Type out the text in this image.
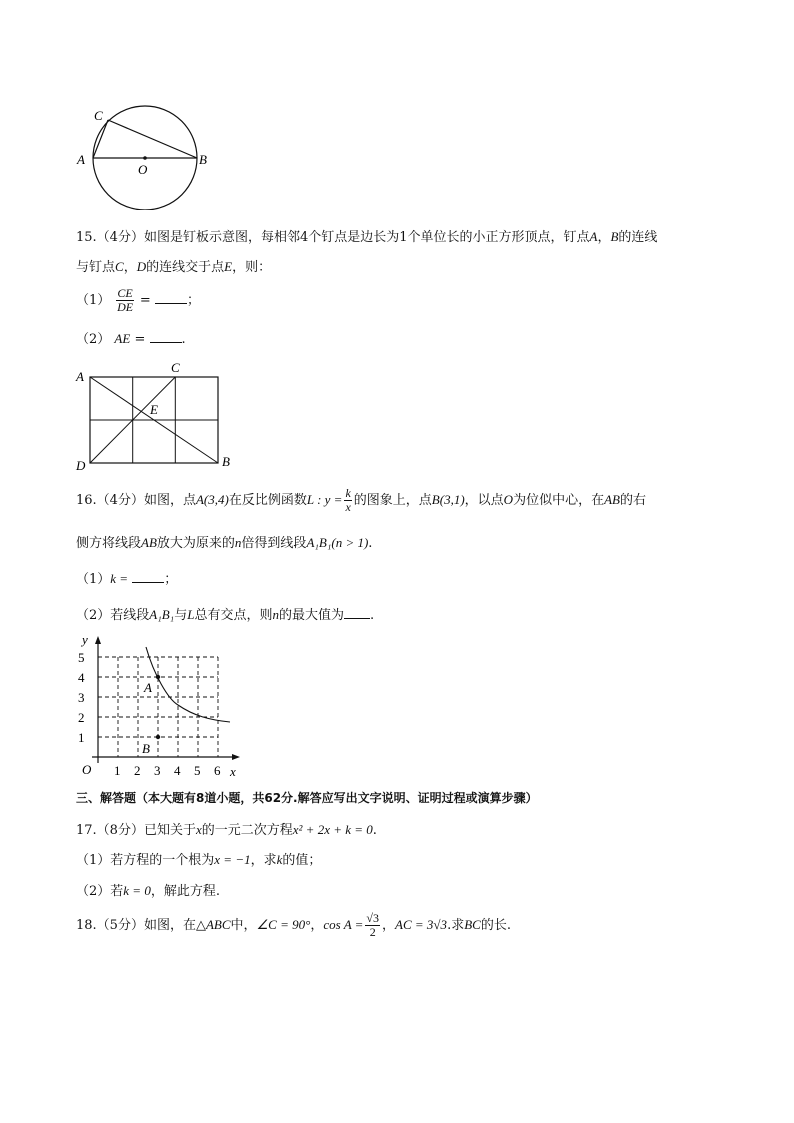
C
A	B
O
15.（4分）如图是钉板示意图，每相邻4个钉点是边长为1个单位长的小正方形顶点，钉点A，B的连线
与钉点C，D的连线交于点E，则：
$(1) \frac{CE}{DE}$ =	；
（2） AE =	.
A
C
E
D	B
16.（4分）如图，点A(3,4)在反比例函数L : $y = \frac{k}{x}$ 的图象上，点B(3,1)，以点O为位似中心，在AB的右
侧方将线段AB放大为原来的n倍得到线段A₁B₁(n > 1).
（1）k =	；
（2）若线段A₁B₁与L总有交点，则n的最大值为 .
A
B
y
x
O 1 2 3 4 5 6
1
2
3
4
5
三、解答题（本大题有8道小题，共62分.解答应写出文字说明、证明过程或演算步骤）
17.（8分）已知关于x的一元二次方程x² + 2x + k = 0.
（1）若方程的一个根为x = −1，求k的值；
（2）若k = 0，解此方程.
18.（5分）如图，在△ABC中，∠C = 90°，$\cos A = \frac{√3}{2}$ ，AC = 3√3.求BC的长.
